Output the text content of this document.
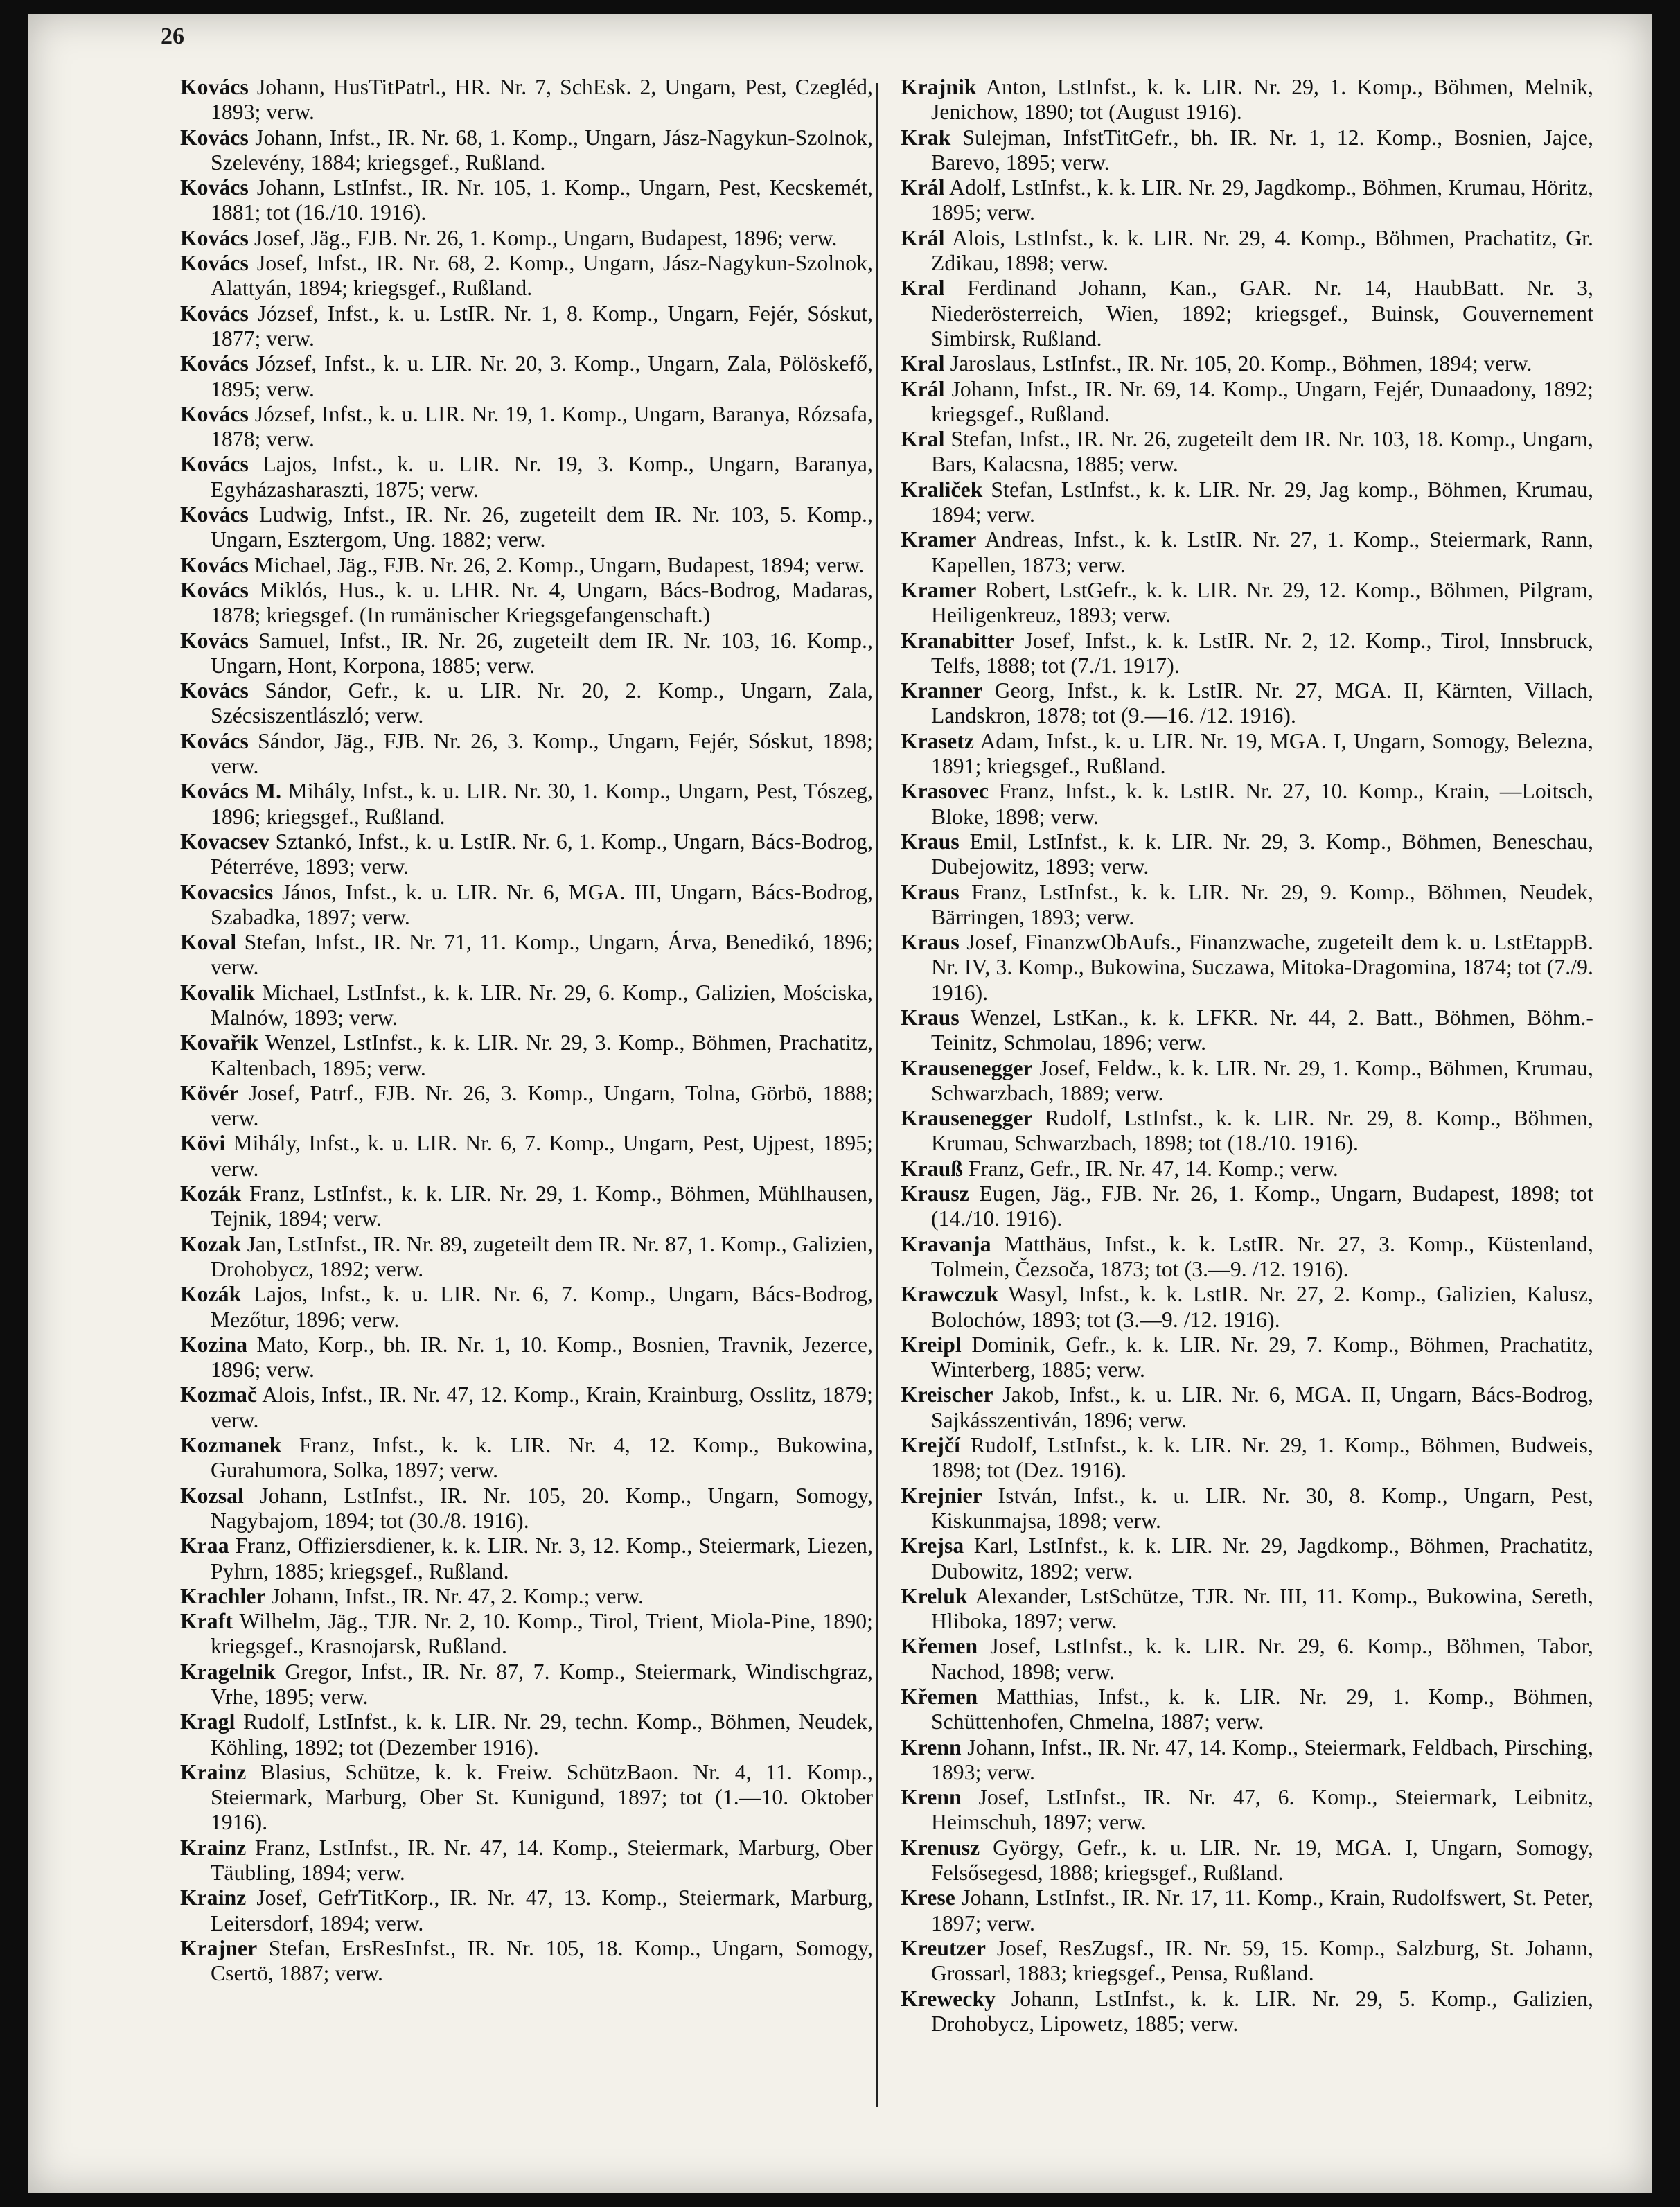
26

Kovács Johann, HusTitPatrl., HR. Nr. 7, SchEsk. 2, Ungarn, Pest, Czegléd, 1893; verw.

Kovács Johann, Infst., IR. Nr. 68, 1. Komp., Ungarn, Jász-Nagykun-Szolnok, Szelevény, 1884; kriegsgef., Rußland.

Kovács Johann, LstInfst., IR. Nr. 105, 1. Komp., Ungarn, Pest, Kecskemét, 1881; tot (16./10. 1916).

Kovács Josef, Jäg., FJB. Nr. 26, 1. Komp., Ungarn, Budapest, 1896; verw.

Kovács Josef, Infst., IR. Nr. 68, 2. Komp., Ungarn, Jász-Nagykun-Szolnok, Alattyán, 1894; kriegsgef., Rußland.

Kovács József, Infst., k. u. LstIR. Nr. 1, 8. Komp., Ungarn, Fejér, Sóskut, 1877; verw.

Kovács József, Infst., k. u. LIR. Nr. 20, 3. Komp., Ungarn, Zala, Pölöskefő, 1895; verw.

Kovács József, Infst., k. u. LIR. Nr. 19, 1. Komp., Ungarn, Baranya, Rózsafa, 1878; verw.

Kovács Lajos, Infst., k. u. LIR. Nr. 19, 3. Komp., Ungarn, Baranya, Egyházasharaszti, 1875; verw.

Kovács Ludwig, Infst., IR. Nr. 26, zugeteilt dem IR. Nr. 103, 5. Komp., Ungarn, Esztergom, Ung. 1882; verw.

Kovács Michael, Jäg., FJB. Nr. 26, 2. Komp., Ungarn, Budapest, 1894; verw.

Kovács Miklós, Hus., k. u. LHR. Nr. 4, Ungarn, Bács-Bodrog, Madaras, 1878; kriegsgef. (In rumänischer Kriegsgefangenschaft.)

Kovács Samuel, Infst., IR. Nr. 26, zugeteilt dem IR. Nr. 103, 16. Komp., Ungarn, Hont, Korpona, 1885; verw.

Kovács Sándor, Gefr., k. u. LIR. Nr. 20, 2. Komp., Ungarn, Zala, Szécsiszentlászló; verw.

Kovács Sándor, Jäg., FJB. Nr. 26, 3. Komp., Ungarn, Fejér, Sóskut, 1898; verw.

Kovács M. Mihály, Infst., k. u. LIR. Nr. 30, 1. Komp., Ungarn, Pest, Tószeg, 1896; kriegsgef., Rußland.

Kovacsev Sztankó, Infst., k. u. LstIR. Nr. 6, 1. Komp., Ungarn, Bács-Bodrog, Péterréve, 1893; verw.

Kovacsics János, Infst., k. u. LIR. Nr. 6, MGA. III, Ungarn, Bács-Bodrog, Szabadka, 1897; verw.

Koval Stefan, Infst., IR. Nr. 71, 11. Komp., Ungarn, Árva, Benedikó, 1896; verw.

Kovalik Michael, LstInfst., k. k. LIR. Nr. 29, 6. Komp., Galizien, Mościska, Malnów, 1893; verw.

Kovařik Wenzel, LstInfst., k. k. LIR. Nr. 29, 3. Komp., Böhmen, Prachatitz, Kaltenbach, 1895; verw.

Kövér Josef, Patrf., FJB. Nr. 26, 3. Komp., Ungarn, Tolna, Görbö, 1888; verw.

Kövi Mihály, Infst., k. u. LIR. Nr. 6, 7. Komp., Ungarn, Pest, Ujpest, 1895; verw.

Kozák Franz, LstInfst., k. k. LIR. Nr. 29, 1. Komp., Böhmen, Mühlhausen, Tejnik, 1894; verw.

Kozak Jan, LstInfst., IR. Nr. 89, zugeteilt dem IR. Nr. 87, 1. Komp., Galizien, Drohobycz, 1892; verw.

Kozák Lajos, Infst., k. u. LIR. Nr. 6, 7. Komp., Ungarn, Bács-Bodrog, Mezőtur, 1896; verw.

Kozina Mato, Korp., bh. IR. Nr. 1, 10. Komp., Bosnien, Travnik, Jezerce, 1896; verw.

Kozmač Alois, Infst., IR. Nr. 47, 12. Komp., Krain, Krainburg, Osslitz, 1879; verw.

Kozmanek Franz, Infst., k. k. LIR. Nr. 4, 12. Komp., Bukowina, Gurahumora, Solka, 1897; verw.

Kozsal Johann, LstInfst., IR. Nr. 105, 20. Komp., Ungarn, Somogy, Nagybajom, 1894; tot (30./8. 1916).

Kraa Franz, Offiziersdiener, k. k. LIR. Nr. 3, 12. Komp., Steiermark, Liezen, Pyhrn, 1885; kriegsgef., Rußland.

Krachler Johann, Infst., IR. Nr. 47, 2. Komp.; verw.

Kraft Wilhelm, Jäg., TJR. Nr. 2, 10. Komp., Tirol, Trient, Miola-Pine, 1890; kriegsgef., Krasnojarsk, Rußland.

Kragelnik Gregor, Infst., IR. Nr. 87, 7. Komp., Steiermark, Windischgraz, Vrhe, 1895; verw.

Kragl Rudolf, LstInfst., k. k. LIR. Nr. 29, techn. Komp., Böhmen, Neudek, Köhling, 1892; tot (Dezember 1916).

Krainz Blasius, Schütze, k. k. Freiw. SchützBaon. Nr. 4, 11. Komp., Steiermark, Marburg, Ober St. Kunigund, 1897; tot (1.—10. Oktober 1916).

Krainz Franz, LstInfst., IR. Nr. 47, 14. Komp., Steiermark, Marburg, Ober Täubling, 1894; verw.

Krainz Josef, GefrTitKorp., IR. Nr. 47, 13. Komp., Steiermark, Marburg, Leitersdorf, 1894; verw.

Krajner Stefan, ErsResInfst., IR. Nr. 105, 18. Komp., Ungarn, Somogy, Csertö, 1887; verw.

Krajnik Anton, LstInfst., k. k. LIR. Nr. 29, 1. Komp., Böhmen, Melnik, Jenichow, 1890; tot (August 1916).

Krak Sulejman, InfstTitGefr., bh. IR. Nr. 1, 12. Komp., Bosnien, Jajce, Barevo, 1895; verw.

Král Adolf, LstInfst., k. k. LIR. Nr. 29, Jagdkomp., Böhmen, Krumau, Höritz, 1895; verw.

Král Alois, LstInfst., k. k. LIR. Nr. 29, 4. Komp., Böhmen, Prachatitz, Gr. Zdikau, 1898; verw.

Kral Ferdinand Johann, Kan., GAR. Nr. 14, HaubBatt. Nr. 3, Niederösterreich, Wien, 1892; kriegsgef., Buinsk, Gouvernement Simbirsk, Rußland.

Kral Jaroslaus, LstInfst., IR. Nr. 105, 20. Komp., Böhmen, 1894; verw.

Král Johann, Infst., IR. Nr. 69, 14. Komp., Ungarn, Fejér, Dunaadony, 1892; kriegsgef., Rußland.

Kral Stefan, Infst., IR. Nr. 26, zugeteilt dem IR. Nr. 103, 18. Komp., Ungarn, Bars, Kalacsna, 1885; verw.

Kraliček Stefan, LstInfst., k. k. LIR. Nr. 29, Jag komp., Böhmen, Krumau, 1894; verw.

Kramer Andreas, Infst., k. k. LstIR. Nr. 27, 1. Komp., Steiermark, Rann, Kapellen, 1873; verw.

Kramer Robert, LstGefr., k. k. LIR. Nr. 29, 12. Komp., Böhmen, Pilgram, Heiligenkreuz, 1893; verw.

Kranabitter Josef, Infst., k. k. LstIR. Nr. 2, 12. Komp., Tirol, Innsbruck, Telfs, 1888; tot (7./1. 1917).

Kranner Georg, Infst., k. k. LstIR. Nr. 27, MGA. II, Kärnten, Villach, Landskron, 1878; tot (9.—16. /12. 1916).

Krasetz Adam, Infst., k. u. LIR. Nr. 19, MGA. I, Ungarn, Somogy, Belezna, 1891; kriegsgef., Rußland.

Krasovec Franz, Infst., k. k. LstIR. Nr. 27, 10. Komp., Krain, —Loitsch, Bloke, 1898; verw.

Kraus Emil, LstInfst., k. k. LIR. Nr. 29, 3. Komp., Böhmen, Beneschau, Dubejowitz, 1893; verw.

Kraus Franz, LstInfst., k. k. LIR. Nr. 29, 9. Komp., Böhmen, Neudek, Bärringen, 1893; verw.

Kraus Josef, FinanzwObAufs., Finanzwache, zugeteilt dem k. u. LstEtappB. Nr. IV, 3. Komp., Bukowina, Suczawa, Mitoka-Dragomina, 1874; tot (7./9. 1916).

Kraus Wenzel, LstKan., k. k. LFKR. Nr. 44, 2. Batt., Böhmen, Böhm.-Teinitz, Schmolau, 1896; verw.

Krausenegger Josef, Feldw., k. k. LIR. Nr. 29, 1. Komp., Böhmen, Krumau, Schwarzbach, 1889; verw.

Krausenegger Rudolf, LstInfst., k. k. LIR. Nr. 29, 8. Komp., Böhmen, Krumau, Schwarzbach, 1898; tot (18./10. 1916).

Krauß Franz, Gefr., IR. Nr. 47, 14. Komp.; verw.

Krausz Eugen, Jäg., FJB. Nr. 26, 1. Komp., Ungarn, Budapest, 1898; tot (14./10. 1916).

Kravanja Matthäus, Infst., k. k. LstIR. Nr. 27, 3. Komp., Küstenland, Tolmein, Čezsoča, 1873; tot (3.—9. /12. 1916).

Krawczuk Wasyl, Infst., k. k. LstIR. Nr. 27, 2. Komp., Galizien, Kalusz, Bolochów, 1893; tot (3.—9. /12. 1916).

Kreipl Dominik, Gefr., k. k. LIR. Nr. 29, 7. Komp., Böhmen, Prachatitz, Winterberg, 1885; verw.

Kreischer Jakob, Infst., k. u. LIR. Nr. 6, MGA. II, Ungarn, Bács-Bodrog, Sajkásszentiván, 1896; verw.

Krejčí Rudolf, LstInfst., k. k. LIR. Nr. 29, 1. Komp., Böhmen, Budweis, 1898; tot (Dez. 1916).

Krejnier István, Infst., k. u. LIR. Nr. 30, 8. Komp., Ungarn, Pest, Kiskunmajsa, 1898; verw.

Krejsa Karl, LstInfst., k. k. LIR. Nr. 29, Jagdkomp., Böhmen, Prachatitz, Dubowitz, 1892; verw.

Kreluk Alexander, LstSchütze, TJR. Nr. III, 11. Komp., Bukowina, Sereth, Hliboka, 1897; verw.

Křemen Josef, LstInfst., k. k. LIR. Nr. 29, 6. Komp., Böhmen, Tabor, Nachod, 1898; verw.

Křemen Matthias, Infst., k. k. LIR. Nr. 29, 1. Komp., Böhmen, Schüttenhofen, Chmelna, 1887; verw.

Krenn Johann, Infst., IR. Nr. 47, 14. Komp., Steiermark, Feldbach, Pirsching, 1893; verw.

Krenn Josef, LstInfst., IR. Nr. 47, 6. Komp., Steiermark, Leibnitz, Heimschuh, 1897; verw.

Krenusz György, Gefr., k. u. LIR. Nr. 19, MGA. I, Ungarn, Somogy, Felsősegesd, 1888; kriegsgef., Rußland.

Krese Johann, LstInfst., IR. Nr. 17, 11. Komp., Krain, Rudolfswert, St. Peter, 1897; verw.

Kreutzer Josef, ResZugsf., IR. Nr. 59, 15. Komp., Salzburg, St. Johann, Grossarl, 1883; kriegsgef., Pensa, Rußland.

Krewecky Johann, LstInfst., k. k. LIR. Nr. 29, 5. Komp., Galizien, Drohobycz, Lipowetz, 1885; verw.
